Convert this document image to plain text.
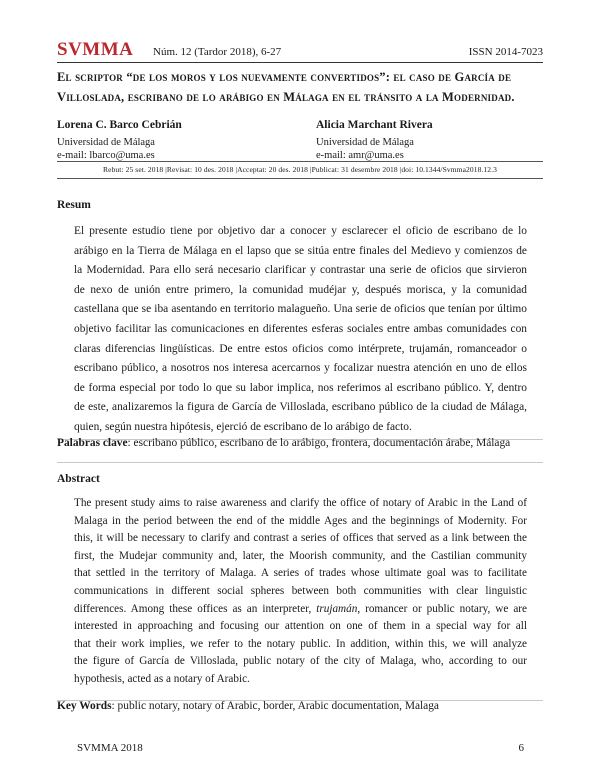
SVMMA Núm. 12 (Tardor 2018), 6-27	ISSN 2014-7023
El scriptor “de los moros y los nuevamente convertidos”: el caso de García de
Villoslada, escribano de lo arábigo en Málaga en el tránsito a la Modernidad.
Lorena C. Barco Cebrián
Universidad de Málaga
e-mail: lbarco@uma.es
Alicia Marchant Rivera
Universidad de Málaga
e-mail: amr@uma.es
Rebut: 25 set. 2018 |Revisat: 10 des. 2018 |Acceptat: 20 des. 2018 |Publicat: 31 desembre 2018 |doi: 10.1344/Svmma2018.12.3
Resum
El presente estudio tiene por objetivo dar a conocer y esclarecer el oficio de escribano de lo
arábigo en la Tierra de Málaga en el lapso que se sitúa entre finales del Medievo y comienzos de
la Modernidad. Para ello será necesario clarificar y contrastar una serie de oficios que sirvieron
de nexo de unión entre primero, la comunidad mudéjar y, después morisca, y la comunidad
castellana que se iba asentando en territorio malagueño. Una serie de oficios que tenían por último
objetivo facilitar las comunicaciones en diferentes esferas sociales entre ambas comunidades con
claras diferencias lingüísticas. De entre estos oficios como intérprete, trujamán, romanceador o
escribano público, a nosotros nos interesa acercarnos y focalizar nuestra atención en uno de ellos
de forma especial por todo lo que su labor implica, nos referimos al escribano público. Y, dentro
de este, analizaremos la figura de García de Villoslada, escribano público de la ciudad de Málaga,
quien, según nuestra hipótesis, ejerció de escribano de lo arábigo de facto.
Palabras clave: escribano público, escribano de lo arábigo, frontera, documentación árabe, Málaga
Abstract
The present study aims to raise awareness and clarify the office of notary of Arabic in the Land of
Malaga in the period between the end of the middle Ages and the beginnings of Modernity. For
this, it will be necessary to clarify and contrast a series of offices that served as a link between the
first, the Mudejar community and, later, the Moorish community, and the Castilian community
that settled in the territory of Malaga. A series of trades whose ultimate goal was to facilitate
communications in different social spheres between both communities with clear linguistic
differences. Among these offices as an interpreter, trujamán, romancer or public notary, we are
interested in approaching and focusing our attention on one of them in a special way for all
that their work implies, we refer to the notary public. In addition, within this, we will analyze
the figure of García de Villoslada, public notary of the city of Malaga, who, according to our
hypothesis, acted as a notary of Arabic.
Key Words: public notary, notary of Arabic, border, Arabic documentation, Malaga
SVMMA 2018	6
